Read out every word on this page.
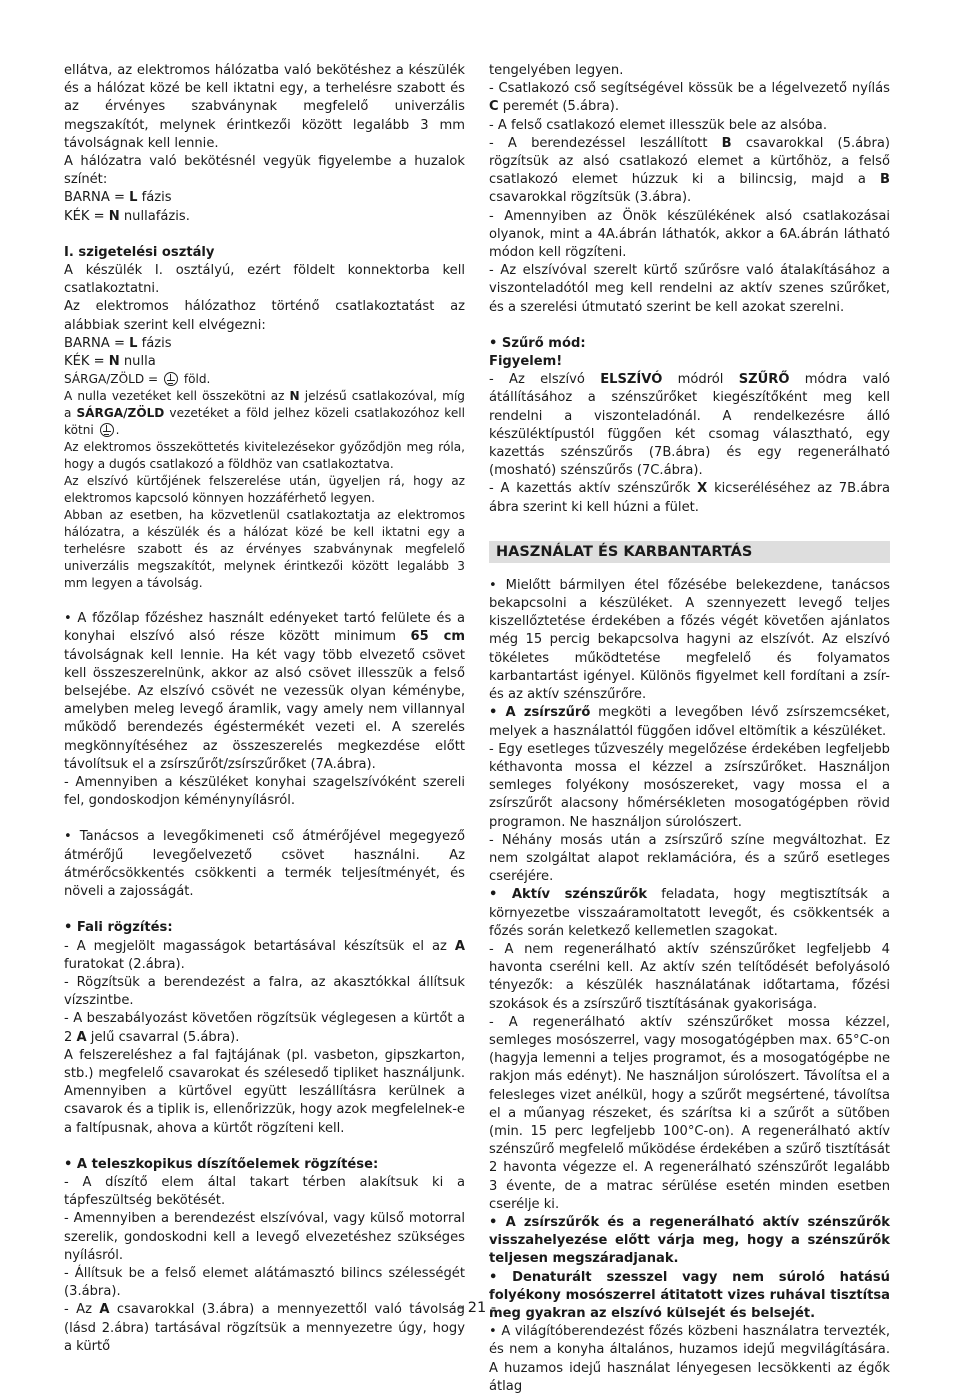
ellátva, az elektromos hálózatba való bekötéshez a készülék és a hálózat közé be kell iktatni egy, a terhelésre szabott és az érvényes szabványnak megfelelő univerzális megszakítót, melynek érintkezői között legalább 3 mm távolságnak kell lennie.

A hálózatra való bekötésnél vegyük figyelembe a huzalok színét:

BARNA = L fázis

KÉK = N nullafázis.

I. szigetelési osztály

A készülék I. osztályú, ezért földelt konnektorba kell csatlakoztatni.

Az elektromos hálózathoz történő csatlakoztatást az alábbiak szerint kell elvégezni:

BARNA = L fázis

KÉK = N nulla

SÁRGA/ZÖLD =  föld.

A nulla vezetéket kell összekötni az N jelzésű csatlakozóval, míg a SÁRGA/ZÖLD vezetéket a föld jelhez közeli csatlakozóhoz kell kötni .

Az elektromos összeköttetés kivitelezésekor győződjön meg róla, hogy a dugós csatlakozó a földhöz van csatlakoztatva.

Az elszívó kürtőjének felszerelése után, ügyeljen rá, hogy az elektromos kapcsoló könnyen hozzáférhető legyen.

Abban az esetben, ha közvetlenül csatlakoztatja az elektromos hálózatra, a készülék és a hálózat közé be kell iktatni egy a terhelésre szabott és az érvényes szabványnak megfelelő univerzális megszakítót, melynek érintkezői között legalább 3 mm legyen a távolság.

• A főzőlap főzéshez használt edényeket tartó felülete és a konyhai elszívó alsó része között minimum 65 cm távolságnak kell lennie. Ha két vagy több elvezető csövet kell összeszerelnünk, akkor az alsó csövet illesszük a felső belsejébe. Az elszívó csövét ne vezessük olyan kéménybe, amelyben meleg levegő áramlik, vagy amely nem villannyal működő berendezés égéstermékét vezeti el. A szerelés megkönnyítéséhez az összeszerelés megkezdése előtt távolítsuk el a zsírszűrőt/zsírszűrőket (7A.ábra).

- Amennyiben a készüléket konyhai szagelszívóként szereli fel, gondoskodjon kéménynyílásról.

• Tanácsos a levegőkimeneti cső átmérőjével megegyező átmérőjű levegőelvezető csövet használni. Az átmérőcsökkentés csökkenti a termék teljesítményét, és növeli a zajosságát.

• Fali rögzítés:

- A megjelölt magasságok betartásával készítsük el az A furatokat (2.ábra).

- Rögzítsük a berendezést a falra, az akasztókkal állítsuk vízszintbe.

- A beszabályozást követően rögzítsük véglegesen a kürtőt a 2 A jelű csavarral (5.ábra).

A felszereléshez a fal fajtájának (pl. vasbeton, gipszkarton, stb.) megfelelő csavarokat és szélesedő tipliket használjunk. Amennyiben a kürtővel együtt leszállításra kerülnek a csavarok és a tiplik is, ellenőrizzük, hogy azok megfelelnek-e a faltípusnak, ahova a kürtőt rögzíteni kell.

• A teleszkopikus díszítőelemek rögzítése:

- A díszítő elem által takart térben alakítsuk ki a tápfeszültség bekötését.

- Amennyiben a berendezést elszívóval, vagy külső motorral szerelik, gondoskodni kell a levegő elvezetéshez szükséges nyílásról.

- Állítsuk be a felső elemet alátámasztó bilincs szélességét (3.ábra).

- Az A csavarokkal (3.ábra) a mennyezettől való távolság (lásd 2.ábra) tartásával rögzítsük a mennyezetre úgy, hogy a kürtő

tengelyében legyen.

- Csatlakozó cső segítségével kössük be a légelvezető nyílás C peremét (5.ábra).

- A felső csatlakozó elemet illesszük bele az alsóba.

- A berendezéssel leszállított B csavarokkal (5.ábra) rögzítsük az alsó csatlakozó elemet a kürtőhöz, a felső csatlakozó elemet húzzuk ki a bilincsig, majd a B csavarokkal rögzítsük (3.ábra).

- Amennyiben az Önök készülékének alsó csatlakozásai olyanok, mint a 4A.ábrán láthatók, akkor a 6A.ábrán látható módon kell rögzíteni.

- Az elszívóval szerelt kürtő szűrősre való átalakításához a viszonteladótól meg kell rendelni az aktív szenes szűrőket, és a szerelési útmutató szerint be kell azokat szerelni.

• Szűrő mód:

Figyelem!

- Az elszívó ELSZÍVÓ módról SZŰRŐ módra való átállításához a szénszűrőket kiegészítőként meg kell rendelni a viszonteladónál. A rendelkezésre álló készüléktípustól függően két csomag választható, egy kazettás szénszűrős (7B.ábra) és egy regenerálható (mosható) szénszűrős (7C.ábra).

- A kazettás aktív szénszűrők X kicseréléséhez az 7B.ábra ábra szerint ki kell húzni a fület.

HASZNÁLAT ÉS KARBANTARTÁS

• Mielőtt bármilyen étel főzésébe belekezdene, tanácsos bekapcsolni a készüléket. A szennyezett levegő teljes kiszellőztetése érdekében a főzés végét követően ajánlatos még 15 percig bekapcsolva hagyni az elszívót. Az elszívó tökéletes működtetése megfelelő és folyamatos karbantartást igényel. Különös figyelmet kell fordítani a zsír- és az aktív szénszűrőre.

• A zsírszűrő megköti a levegőben lévő zsírszemcséket, melyek a használattól függően idővel eltömítik a készüléket.

- Egy esetleges tűzveszély megelőzése érdekében legfeljebb kéthavonta mossa el kézzel a zsírszűrőket. Használjon semleges folyékony mosószereket, vagy mossa el a zsírszűrőt alacsony hőmérsékleten mosogatógépben rövid programon. Ne használjon súrolószert.

- Néhány mosás után a zsírszűrő színe megváltozhat. Ez nem szolgáltat alapot reklamációra, és a szűrő esetleges cseréjére.

• Aktív szénszűrők feladata, hogy megtisztítsák a környezetbe visszaáramoltatott levegőt, és csökkentsék a főzés során keletkező kellemetlen szagokat.

- A nem regenerálható aktív szénszűrőket legfeljebb 4 havonta cserélni kell. Az aktív szén telítődését befolyásoló tényezők: a készülék használatának időtartama, főzési szokások és a zsírszűrő tisztításának gyakorisága.

- A regenerálható aktív szénszűrőket mossa kézzel, semleges mosószerrel, vagy mosogatógépben max. 65°C-on (hagyja lemenni a teljes programot, és a mosogatógépbe ne rakjon más edényt). Ne használjon súrolószert. Távolítsa el a felesleges vizet anélkül, hogy a szűrőt megsértené, távolítsa el a műanyag részeket, és szárítsa ki a szűrőt a sütőben (min. 15 perc legfeljebb 100°C-on). A regenerálható aktív szénszűrő megfelelő működése érdekében a szűrő tisztítását 2 havonta végezze el. A regenerálható szénszűrőt legalább 3 évente, de a matrac sérülése esetén minden esetben cserélje ki.

• A zsírszűrők és a regenerálható aktív szénszűrők visszahelyezése előtt várja meg, hogy a szénszűrők teljesen megszáradjanak.

• Denaturált szesszel vagy nem súroló hatású folyékony mosószerrel átitatott vizes ruhával tisztítsa meg gyakran az elszívó külsejét és belsejét.

• A világítóberendezést főzés közbeni használatra tervezték, és nem a konyha általános, huzamos idejű megvilágítására. A huzamos idejű használat lényegesen lecsökkenti az égők átlag

- 21 -
